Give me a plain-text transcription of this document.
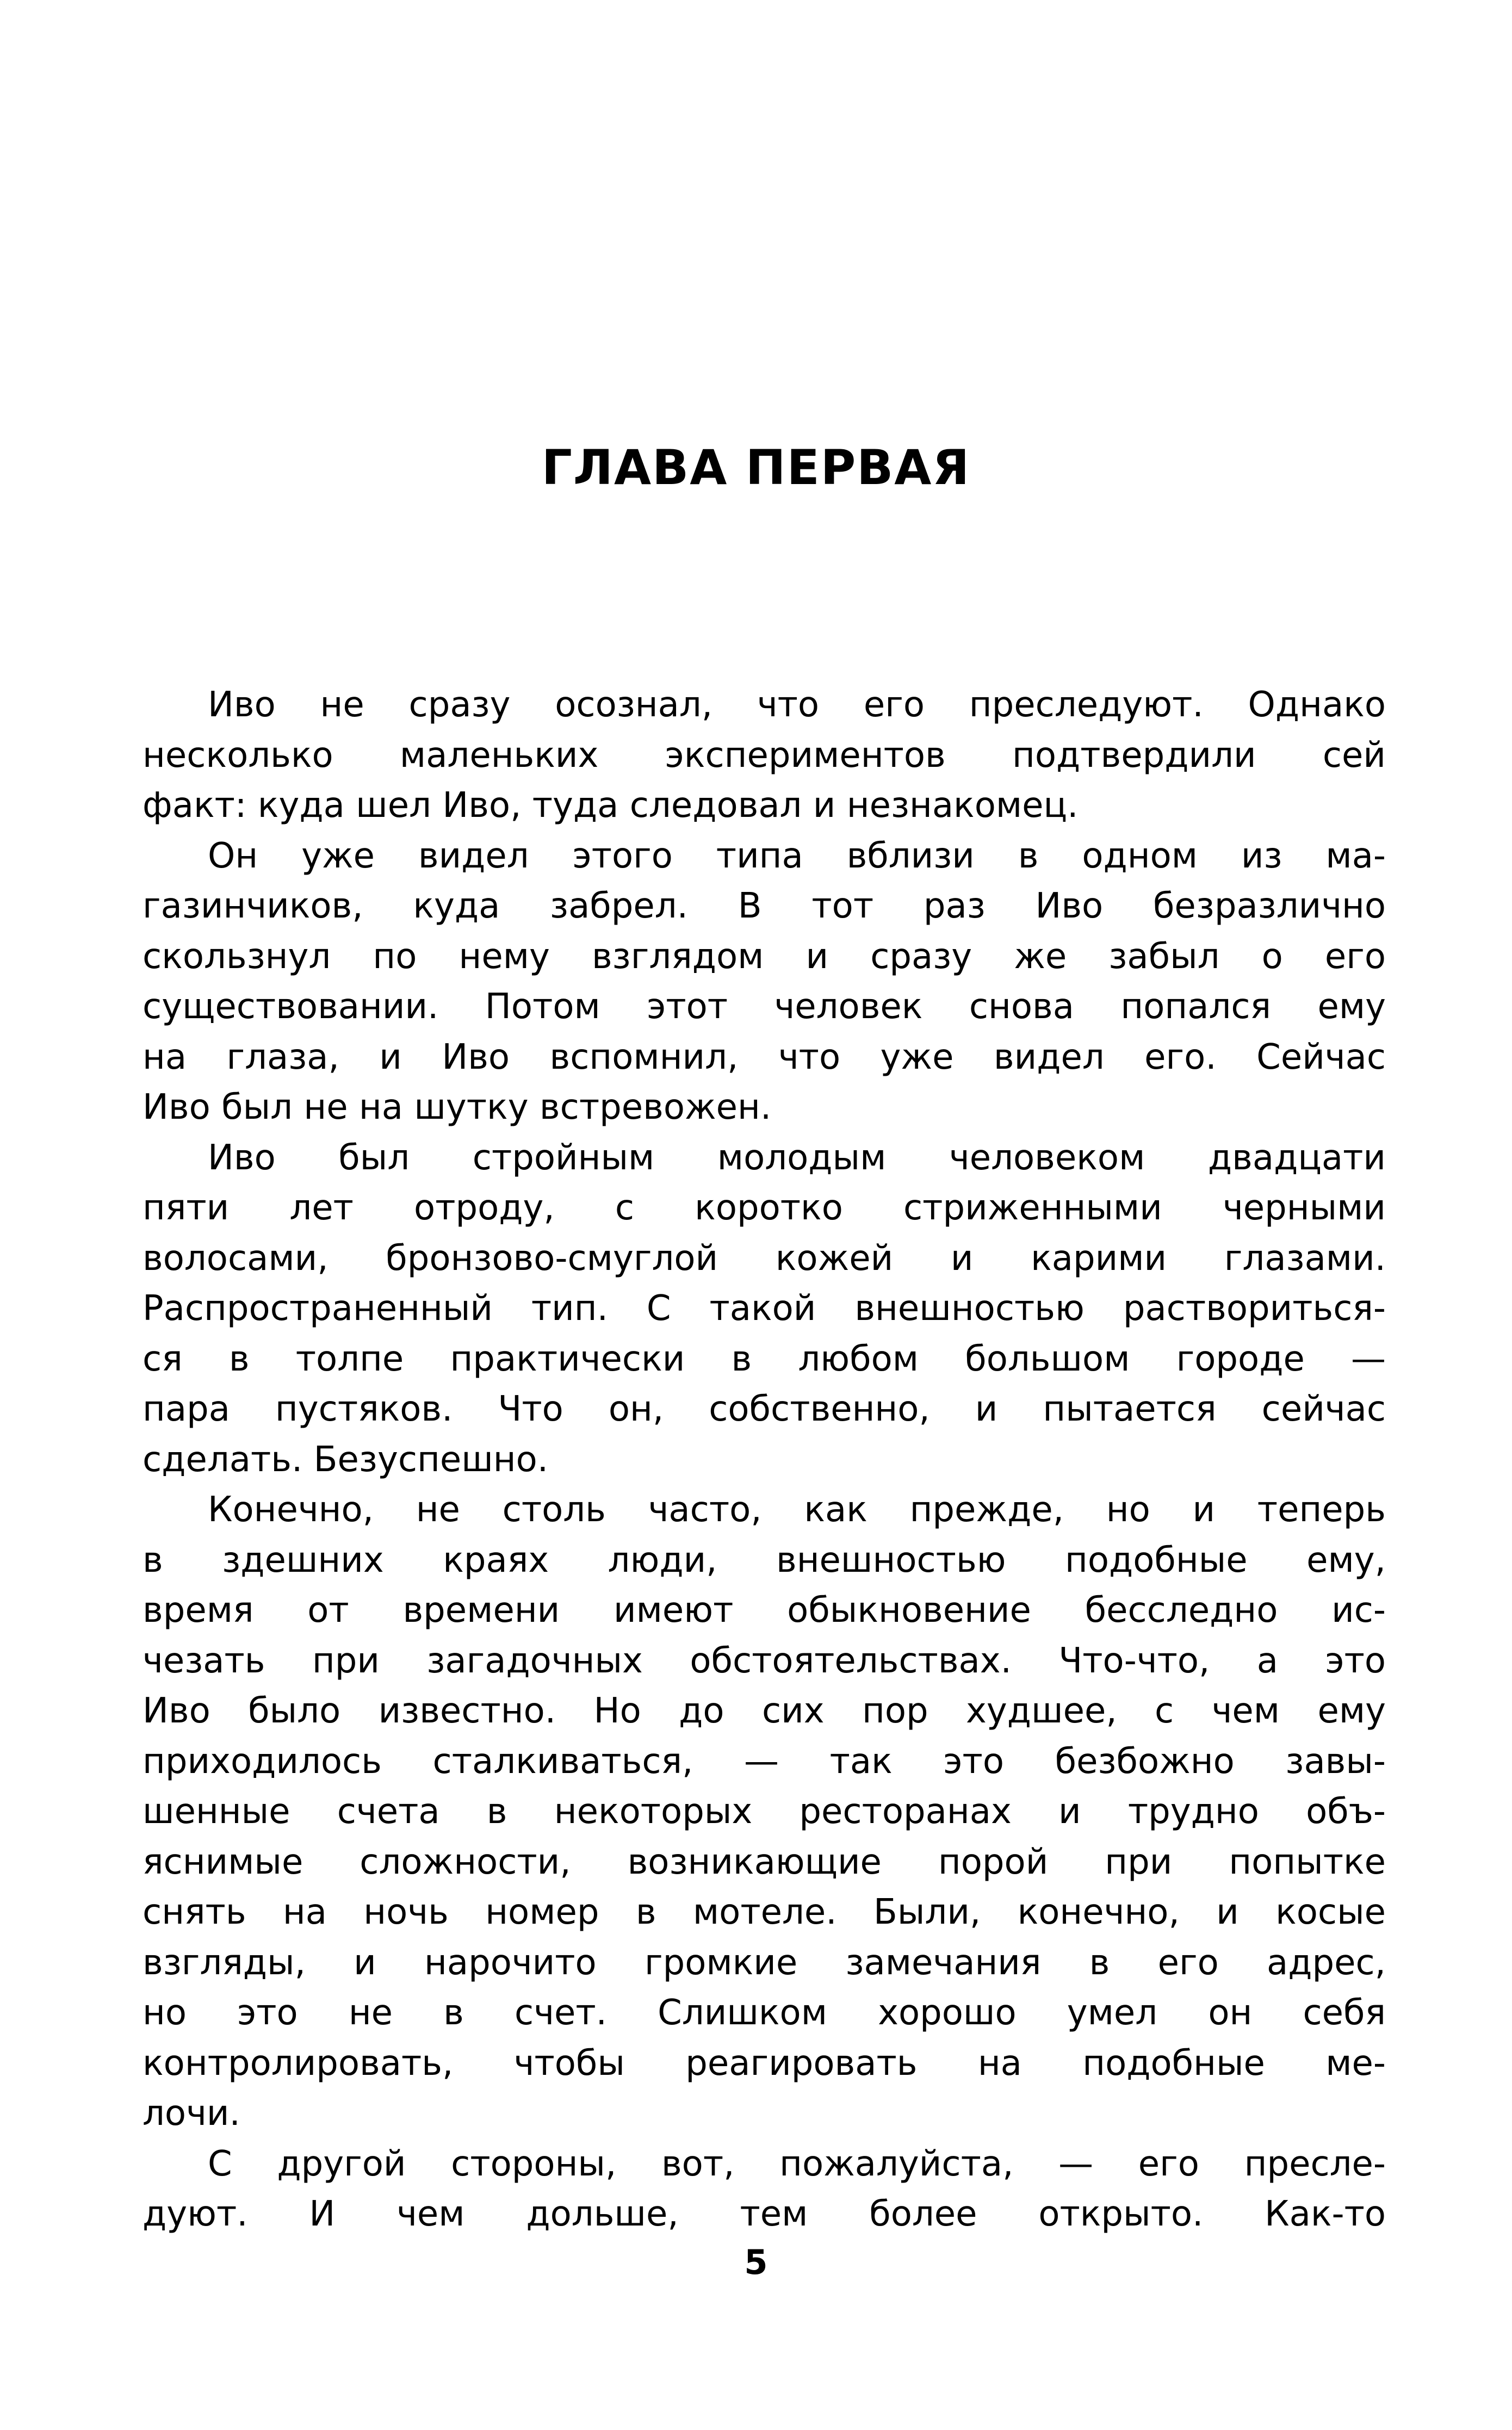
ГЛАВА ПЕРВАЯ

Иво не сразу осознал, что его преследуют. Однако
несколько маленьких экспериментов подтвердили сей
факт: куда шел Иво, туда следовал и незнакомец.

Он уже видел этого типа вблизи в одном из ма-
газинчиков, куда забрел. В тот раз Иво безразлично
скользнул по нему взглядом и сразу же забыл о его
существовании. Потом этот человек снова попался ему
на глаза, и Иво вспомнил, что уже видел его. Сейчас
Иво был не на шутку встревожен.

Иво был стройным молодым человеком двадцати
пяти лет отроду, с коротко стриженными черными
волосами, бронзово-смуглой кожей и карими глазами.
Распространенный тип. С такой внешностью раствориться-
ся в толпе практически в любом большом городе —
пара пустяков. Что он, собственно, и пытается сейчас
сделать. Безуспешно.

Конечно, не столь часто, как прежде, но и теперь
в здешних краях люди, внешностью подобные ему,
время от времени имеют обыкновение бесследно ис-
чезать при загадочных обстоятельствах. Что-что, а это
Иво было известно. Но до сих пор худшее, с чем ему
приходилось сталкиваться, — так это безбожно завы-
шенные счета в некоторых ресторанах и трудно объ-
яснимые сложности, возникающие порой при попытке
снять на ночь номер в мотеле. Были, конечно, и косые
взгляды, и нарочито громкие замечания в его адрес,
но это не в счет. Слишком хорошо умел он себя
контролировать, чтобы реагировать на подобные ме-
лочи.

С другой стороны, вот, пожалуйста, — его пресле-
дуют. И чем дольше, тем более открыто. Как-то

5
